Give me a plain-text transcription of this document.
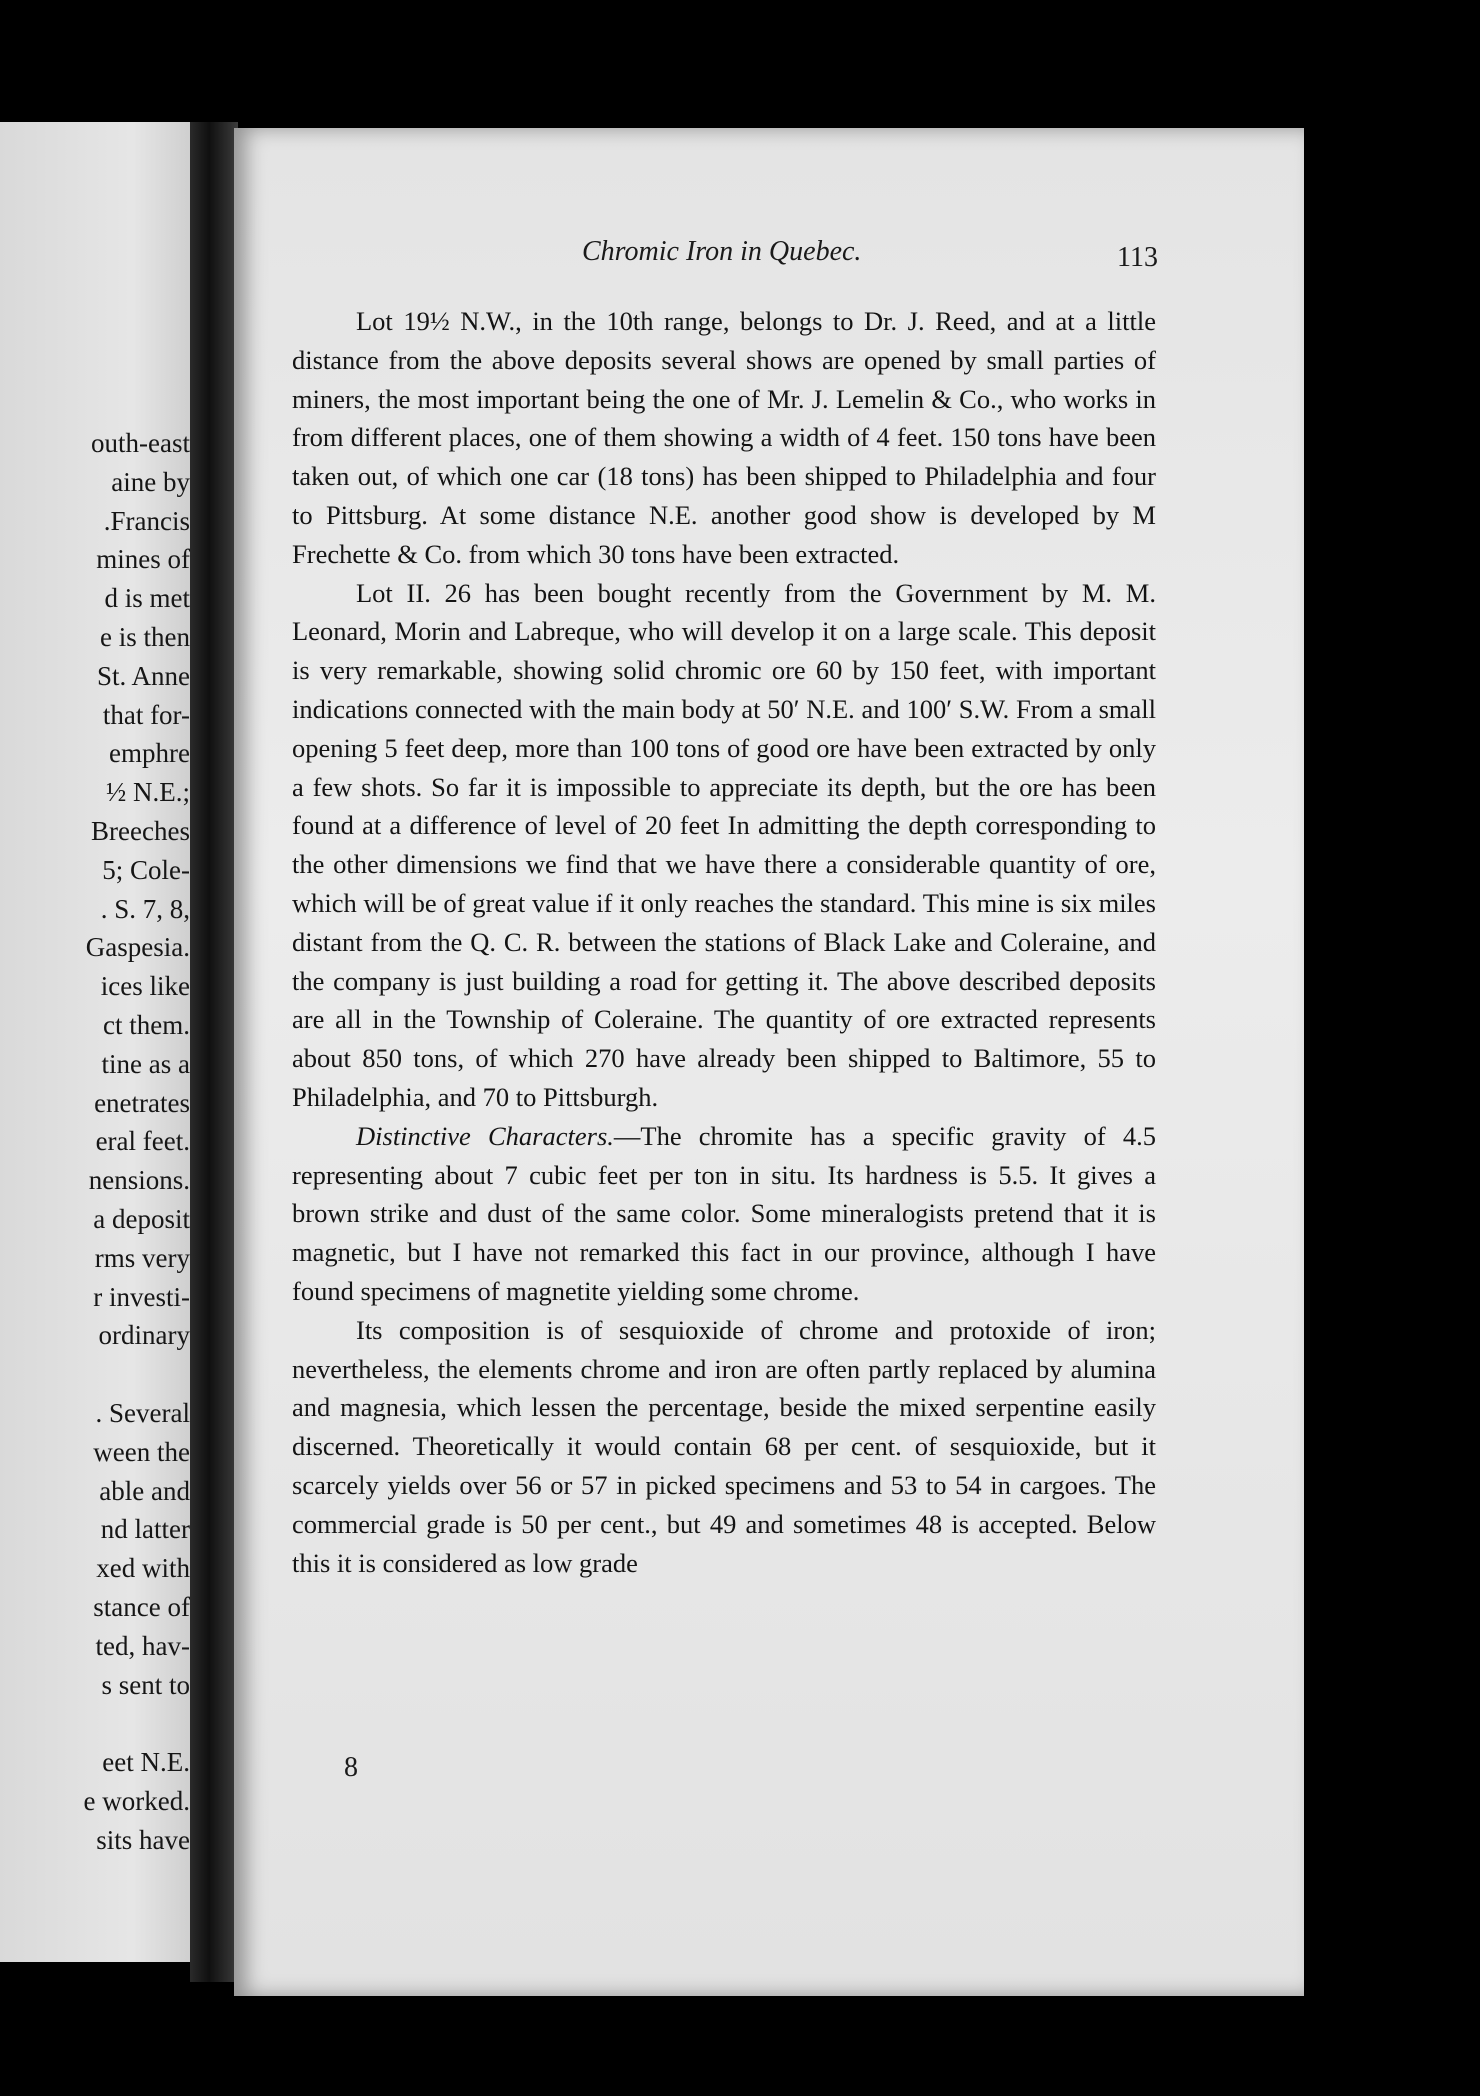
outh-east
aine by
.Francis
mines of
d is met
e is then
St. Anne
that for-
emphre
½ N.E.;
Breeches
5; Cole-
. S. 7, 8,
Gaspesia.
ices like
ct them.
tine as a
enetrates
eral feet.
nensions.
a deposit
rms very
r investi-
ordinary
. Several
ween the
able and
nd latter
xed with
stance of
ted, hav-
s sent to
eet N.E.
e worked.
sits have
Chromic Iron in Quebec.	113

Lot 19½ N.W., in the 10th range, belongs to Dr. J. Reed, and at a little distance from the above deposits several shows are opened by small parties of miners, the most important being the one of Mr. J. Lemelin & Co., who works in from different places, one of them showing a width of 4 feet. 150 tons have been taken out, of which one car (18 tons) has been shipped to Philadelphia and four to Pittsburg. At some distance N.E. another good show is developed by M Frechette & Co. from which 30 tons have been extracted.

Lot II. 26 has been bought recently from the Government by M. M. Leonard, Morin and Labreque, who will develop it on a large scale. This deposit is very remarkable, showing solid chromic ore 60 by 150 feet, with important indications connected with the main body at 50′ N.E. and 100′ S.W. From a small opening 5 feet deep, more than 100 tons of good ore have been extracted by only a few shots. So far it is impossible to appreciate its depth, but the ore has been found at a difference of level of 20 feet In admitting the depth corresponding to the other dimensions we find that we have there a considerable quantity of ore, which will be of great value if it only reaches the standard. This mine is six miles distant from the Q. C. R. between the stations of Black Lake and Coleraine, and the company is just building a road for getting it. The above described deposits are all in the Township of Coleraine. The quantity of ore extracted represents about 850 tons, of which 270 have already been shipped to Baltimore, 55 to Philadelphia, and 70 to Pittsburgh.

Distinctive Characters.—The chromite has a specific gravity of 4.5 representing about 7 cubic feet per ton in situ. Its hardness is 5.5. It gives a brown strike and dust of the same color. Some mineralogists pretend that it is magnetic, but I have not remarked this fact in our province, although I have found specimens of magnetite yielding some chrome.

Its composition is of sesquioxide of chrome and protoxide of iron; nevertheless, the elements chrome and iron are often partly replaced by alumina and magnesia, which lessen the percentage, beside the mixed serpentine easily discerned. Theoretically it would contain 68 per cent. of sesquioxide, but it scarcely yields over 56 or 57 in picked specimens and 53 to 54 in cargoes. The commercial grade is 50 per cent., but 49 and sometimes 48 is accepted. Below this it is considered as low grade

8
